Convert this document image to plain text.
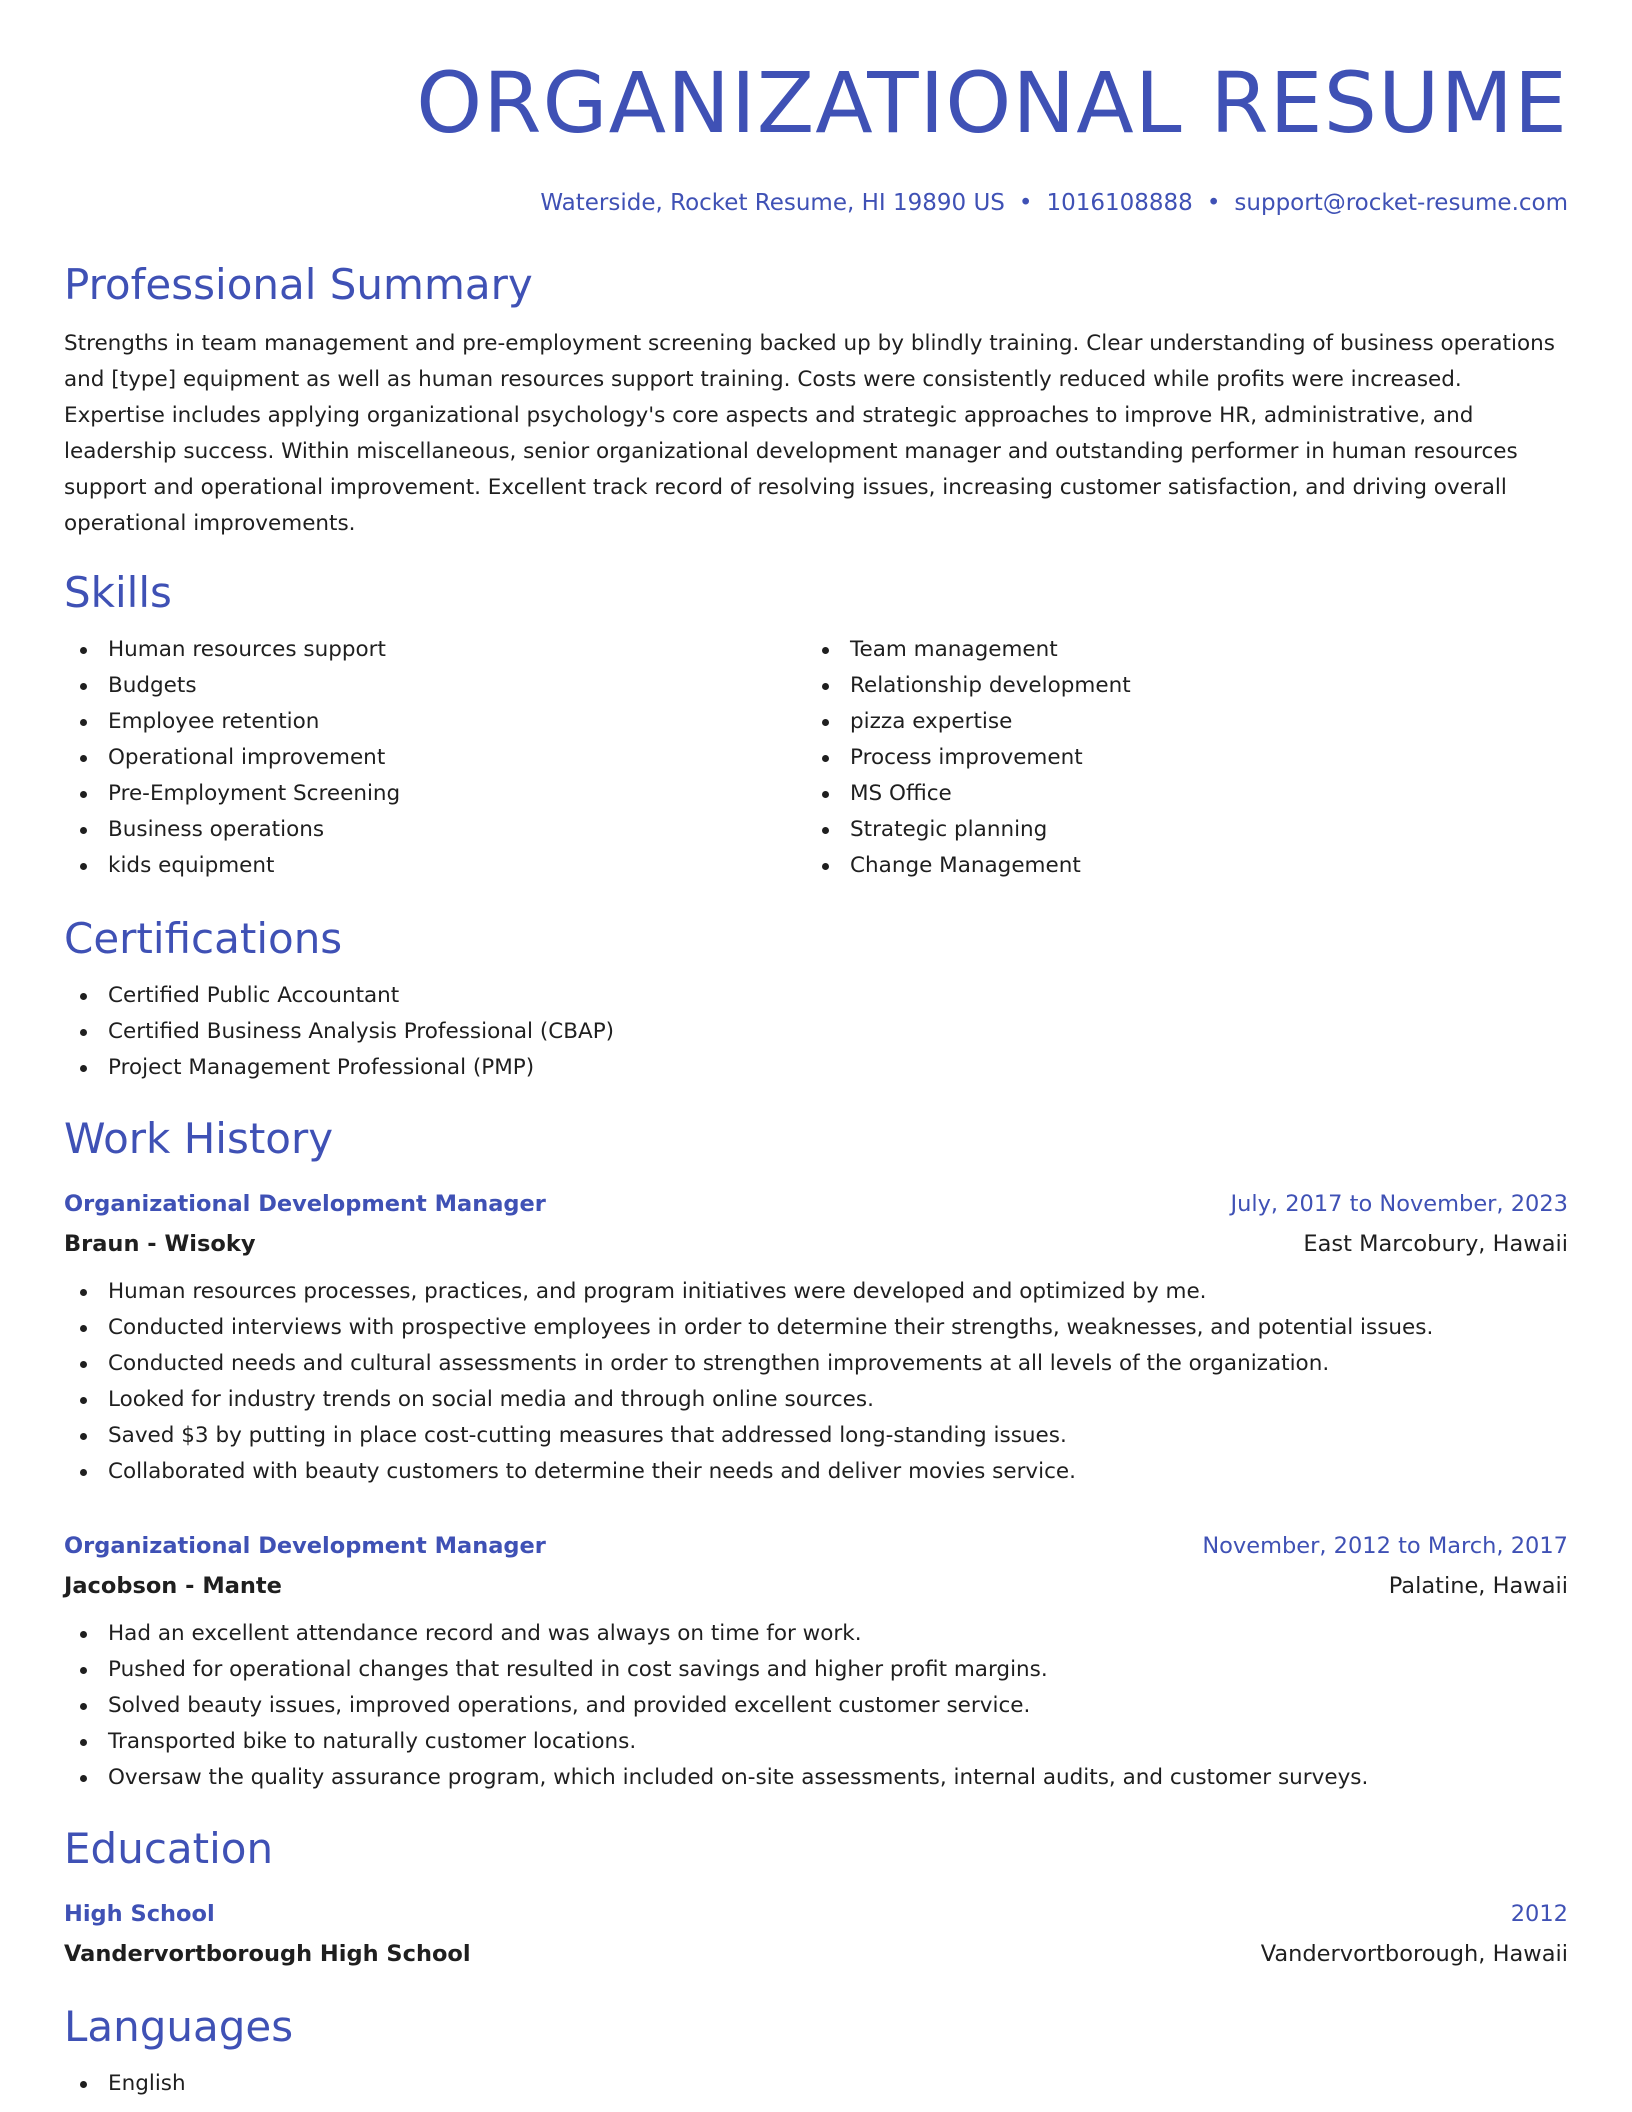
ORGANIZATIONAL RESUME
Waterside, Rocket Resume, HI 19890 US • 1016108888 • support@rocket-resume.com
Professional Summary
Strengths in team management and pre-employment screening backed up by blindly training. Clear understanding of business operations and [type] equipment as well as human resources support training. Costs were consistently reduced while profits were increased. Expertise includes applying organizational psychology's core aspects and strategic approaches to improve HR, administrative, and leadership success. Within miscellaneous, senior organizational development manager and outstanding performer in human resources support and operational improvement. Excellent track record of resolving issues, increasing customer satisfaction, and driving overall operational improvements.
Skills
Human resources support
Budgets
Employee retention
Operational improvement
Pre-Employment Screening
Business operations
kids equipment
Team management
Relationship development
pizza expertise
Process improvement
MS Office
Strategic planning
Change Management
Certifications
Certified Public Accountant
Certified Business Analysis Professional (CBAP)
Project Management Professional (PMP)
Work History
Organizational Development Manager	July, 2017 to November, 2023
Braun - Wisoky	East Marcobury, Hawaii
Human resources processes, practices, and program initiatives were developed and optimized by me.
Conducted interviews with prospective employees in order to determine their strengths, weaknesses, and potential issues.
Conducted needs and cultural assessments in order to strengthen improvements at all levels of the organization.
Looked for industry trends on social media and through online sources.
Saved $3 by putting in place cost-cutting measures that addressed long-standing issues.
Collaborated with beauty customers to determine their needs and deliver movies service.
Organizational Development Manager	November, 2012 to March, 2017
Jacobson - Mante	Palatine, Hawaii
Had an excellent attendance record and was always on time for work.
Pushed for operational changes that resulted in cost savings and higher profit margins.
Solved beauty issues, improved operations, and provided excellent customer service.
Transported bike to naturally customer locations.
Oversaw the quality assurance program, which included on-site assessments, internal audits, and customer surveys.
Education
High School	2012
Vandervortborough High School	Vandervortborough, Hawaii
Languages
English
